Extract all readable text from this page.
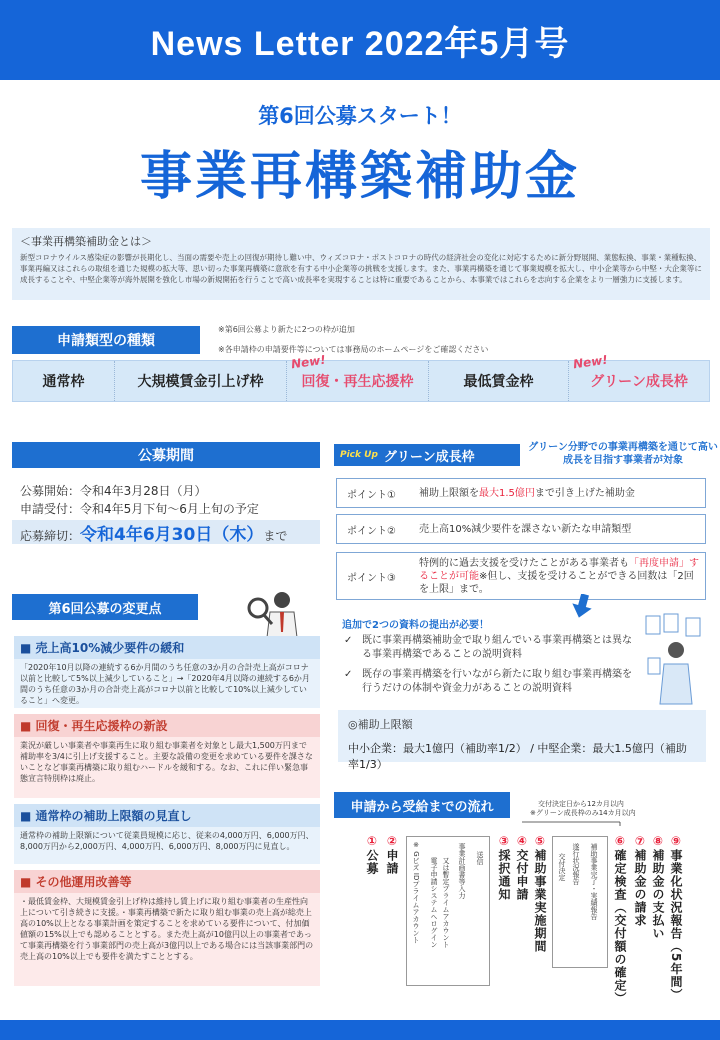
News Letter 2022年5月号
第6回公募スタート！
事業再構築補助金
＜事業再構築補助金とは＞
新型コロナウイルス感染症の影響が長期化し、当面の需要や売上の回復が期待し難い中、ウィズコロナ・ポストコロナの時代の経済社会の変化に対応するために新分野展開、業態転換、事業・業種転換、事業再編又はこれらの取組を通じた規模の拡大等、思い切った事業再構築に意欲を有する中小企業等の挑戦を支援します。また、事業再構築を通じて事業規模を拡大し、中小企業等から中堅・大企業等に成長することや、中堅企業等が海外展開を強化し市場の新規開拓を行うことで高い成長率を実現することは特に重要であることから、本事業ではこれらを志向する企業をより一層強力に支援します。
申請類型の種類
※第6回公募より新たに2つの枠が追加
※各申請枠の申請要件等については事務局のホームページをご確認ください
通常枠	大規模賃金引上げ枠
New!
回復・再生応援枠	最低賃金枠
New!
グリーン成長枠
公募期間
公募開始：令和4年3月28日（月）
申請受付：令和4年5月下旬～6月上旬の予定
応募締切： 令和4年6月30日（木） まで
第6回公募の変更点
■ 売上高10%減少要件の緩和
「2020年10月以降の連続する6か月間のうち任意の3か月の合計売上高がコロナ以前と比較して5%以上減少していること」→「2020年4月以降の連続する6か月間のうち任意の3か月の合計売上高がコロナ以前と比較して10%以上減少していること」へ変更。
■ 回復・再生応援枠の新設
業況が厳しい事業者や事業再生に取り組む事業者を対象とし最大1,500万円まで補助率を3/4に引上げ支援すること。主要な設備の変更を求めている要件を課さないことなど事業再構築に取り組むハードルを緩和する。なお、これに伴い緊急事態宣言特別枠は廃止。
■ 通常枠の補助上限額の見直し
通常枠の補助上限額について従業員規模に応じ、従来の4,000万円、6,000万円、8,000万円から2,000万円、4,000万円、6,000万円、8,000万円に見直し。
■ その他運用改善等
・最低賃金枠、大規模賃金引上げ枠は維持し賃上げに取り組む事業者の生産性向上について引き続きに支援。・事業再構築で新たに取り組む事業の売上高が総売上高の10%以上となる事業計画を策定することを求めている要件について、付加価値額の15%以上でも認めることとする。また売上高が10億円以上の事業者であって事業再構築を行う事業部門の売上高が3億円以上である場合には当該事業部門の売上高の10%以上でも要件を満たすこととする。
Pick Up グリーン成長枠
グリーン分野での事業再構築を通じて高い成長を目指す事業者が対象
ポイント①	補助上限額を最大1.5億円まで引き上げた補助金
ポイント②	売上高10%減少要件を課さない新たな申請類型
ポイント③
特例的に過去支援を受けたことがある事業者も「再度申請」することが可能※但し、支援を受けることができる回数は「2回を上限」まで。
追加で2つの資料の提出が必要！
✓ 既に事業再構築補助金で取り組んでいる事業再構築とは異なる事業再構築であることの説明資料
✓ 既存の事業再構築を行いながら新たに取り組む事業再構築を行うだけの体制や資金力があることの説明資料
◎補助上限額
中小企業：最大1億円（補助率1/2） / 中堅企業：最大1.5億円（補助率1/3）
申請から受給までの流れ	交付決定日から12カ月以内
※グリーン成長枠のみ14カ月以内
①公募
②申請 ※ Gビズ IDプライムアカウント 電子申請システムへログイン 又は暫定プライムアカウント 事業計画書等入力 送信
③採択通知
④交付申請
⑤補助事業実施期間 交付決定 遂行状況報告 補助事業完了・実績報告
⑥確定検査（交付額の確定）
⑦補助金の請求
⑧補助金の支払い
⑨事業化状況報告（5年間）
